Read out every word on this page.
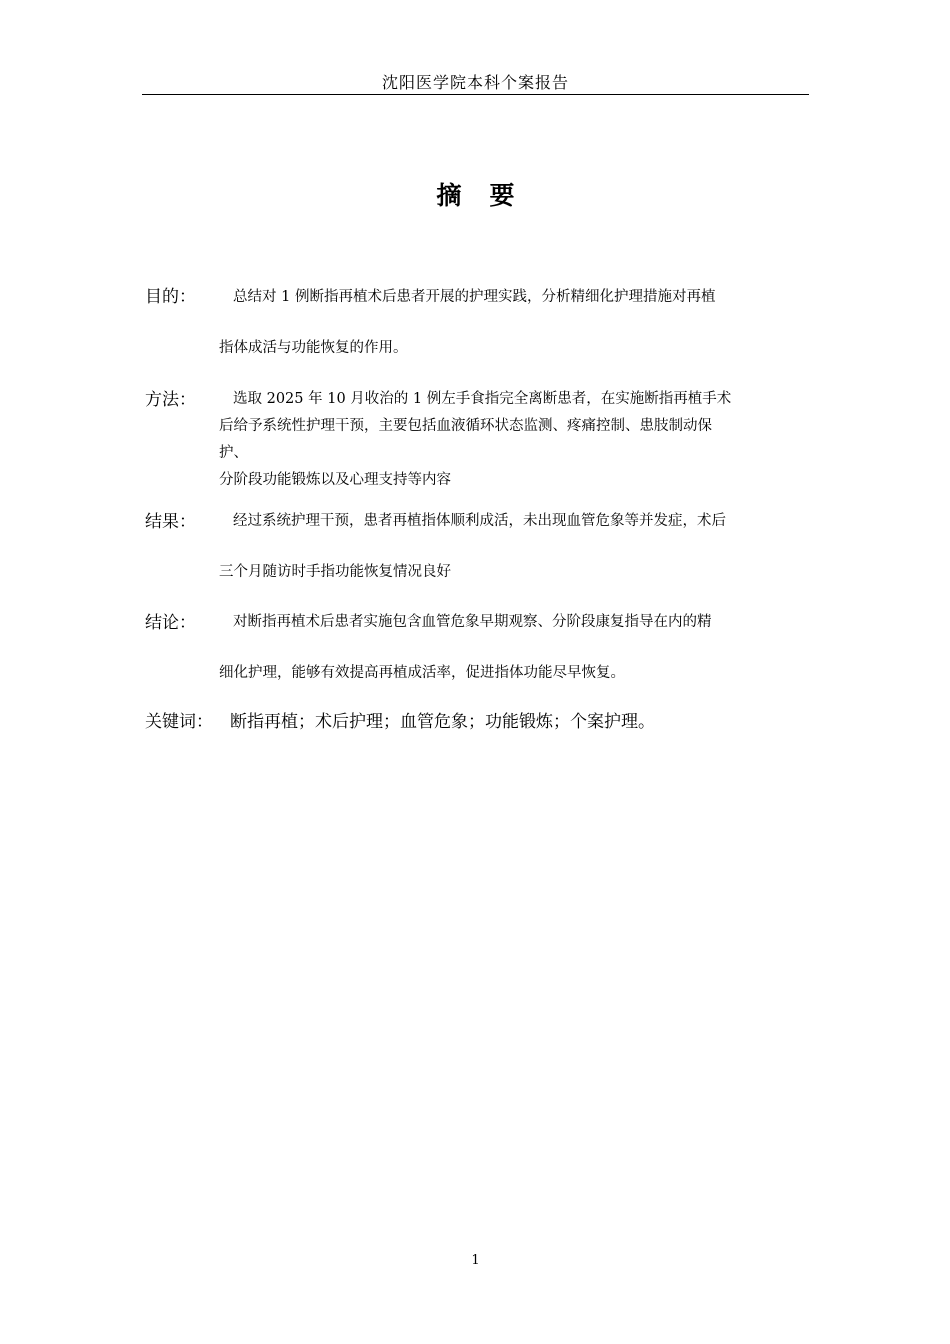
沈阳医学院本科个案报告
摘要
目的：	总结对 1 例断指再植术后患者开展的护理实践，分析精细化护理措施对再植
指体成活与功能恢复的作用。
方法：	选取 2025 年 10 月收治的 1 例左手食指完全离断患者，在实施断指再植手术
后给予系统性护理干预，主要包括血液循环状态监测、疼痛控制、患肢制动保
护、
分阶段功能锻炼以及心理支持等内容
结果：	经过系统护理干预，患者再植指体顺利成活，未出现血管危象等并发症，术后
三个月随访时手指功能恢复情况良好
结论：	对断指再植术后患者实施包含血管危象早期观察、分阶段康复指导在内的精
细化护理，能够有效提高再植成活率，促进指体功能尽早恢复。
关键词： 断指再植；术后护理；血管危象；功能锻炼；个案护理。
1
